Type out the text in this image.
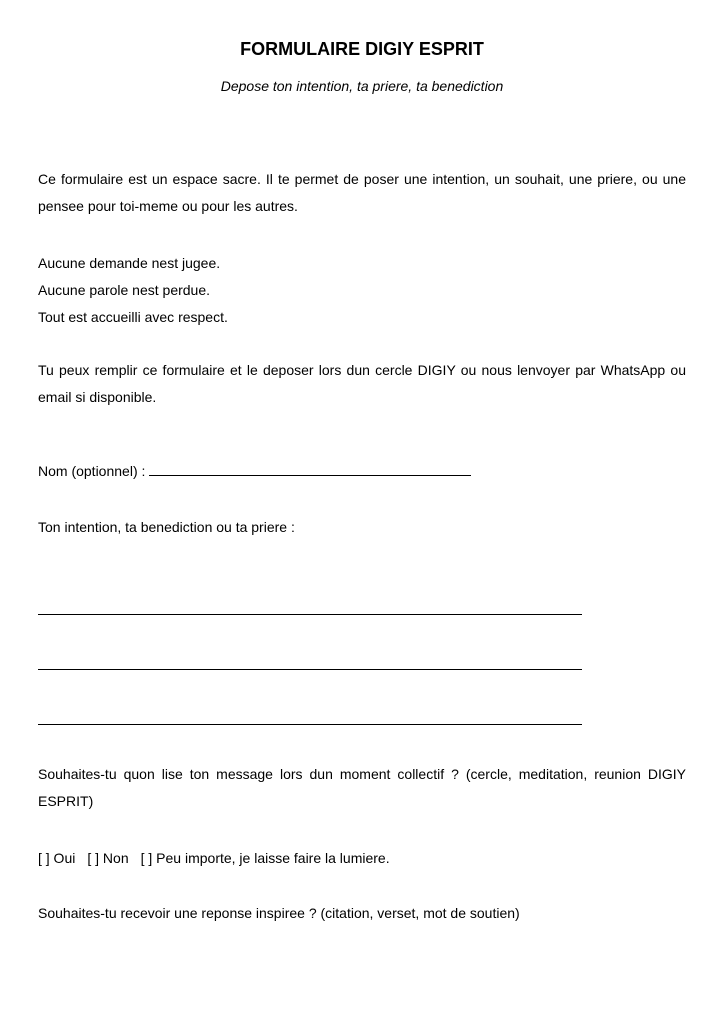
FORMULAIRE DIGIY ESPRIT
Depose ton intention, ta priere, ta benediction
Ce formulaire est un espace sacre. Il te permet de poser une intention, un souhait, une priere, ou une pensee pour toi-meme ou pour les autres.
Aucune demande nest jugee.
Aucune parole nest perdue.
Tout est accueilli avec respect.
Tu peux remplir ce formulaire et le deposer lors dun cercle DIGIY ou nous lenvoyer par WhatsApp ou email si disponible.
Nom (optionnel) :
Ton intention, ta benediction ou ta priere :
Souhaites-tu quon lise ton message lors dun moment collectif ? (cercle, meditation, reunion DIGIY ESPRIT)
[ ] Oui [ ] Non [ ] Peu importe, je laisse faire la lumiere.
Souhaites-tu recevoir une reponse inspiree ? (citation, verset, mot de soutien)
